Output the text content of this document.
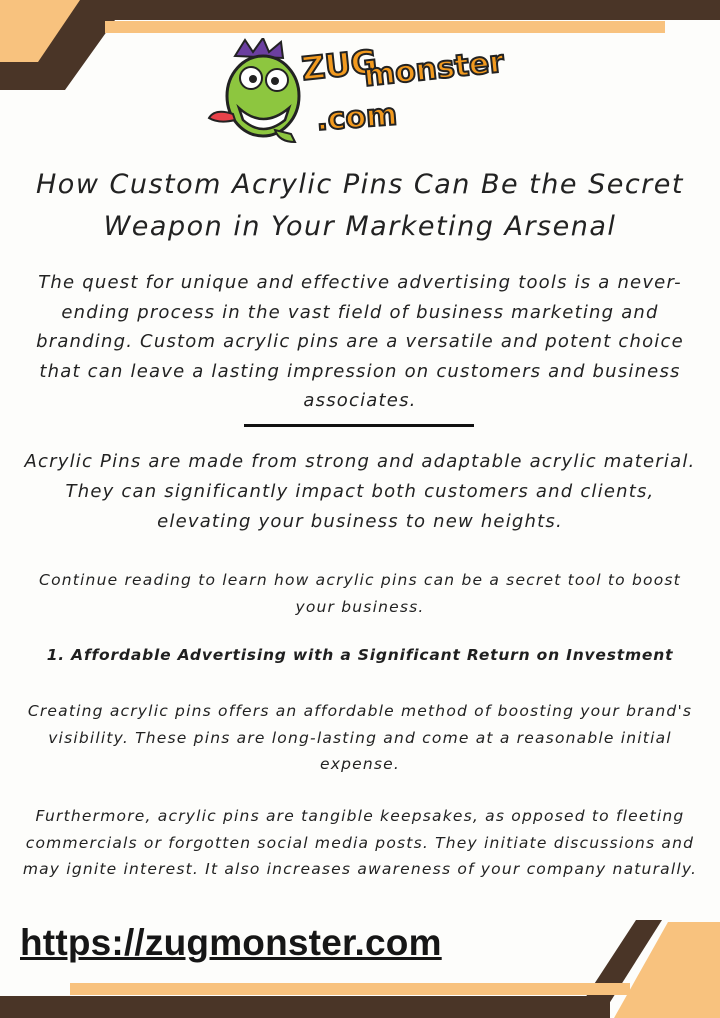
ZUG
monster
.com
How Custom Acrylic Pins Can Be the Secret
Weapon in Your Marketing Arsenal
The quest for unique and effective advertising tools is a never-ending process in the vast field of business marketing and branding. Custom acrylic pins are a versatile and potent choice that can leave a lasting impression on customers and business associates.
Acrylic Pins are made from strong and adaptable acrylic material. They can significantly impact both customers and clients, elevating your business to new heights.
Continue reading to learn how acrylic pins can be a secret tool to boost your business.
1. Affordable Advertising with a Significant Return on Investment
Creating acrylic pins offers an affordable method of boosting your brand's visibility. These pins are long-lasting and come at a reasonable initial expense.
Furthermore, acrylic pins are tangible keepsakes, as opposed to fleeting commercials or forgotten social media posts. They initiate discussions and may ignite interest. It also increases awareness of your company naturally.
https://zugmonster.com
